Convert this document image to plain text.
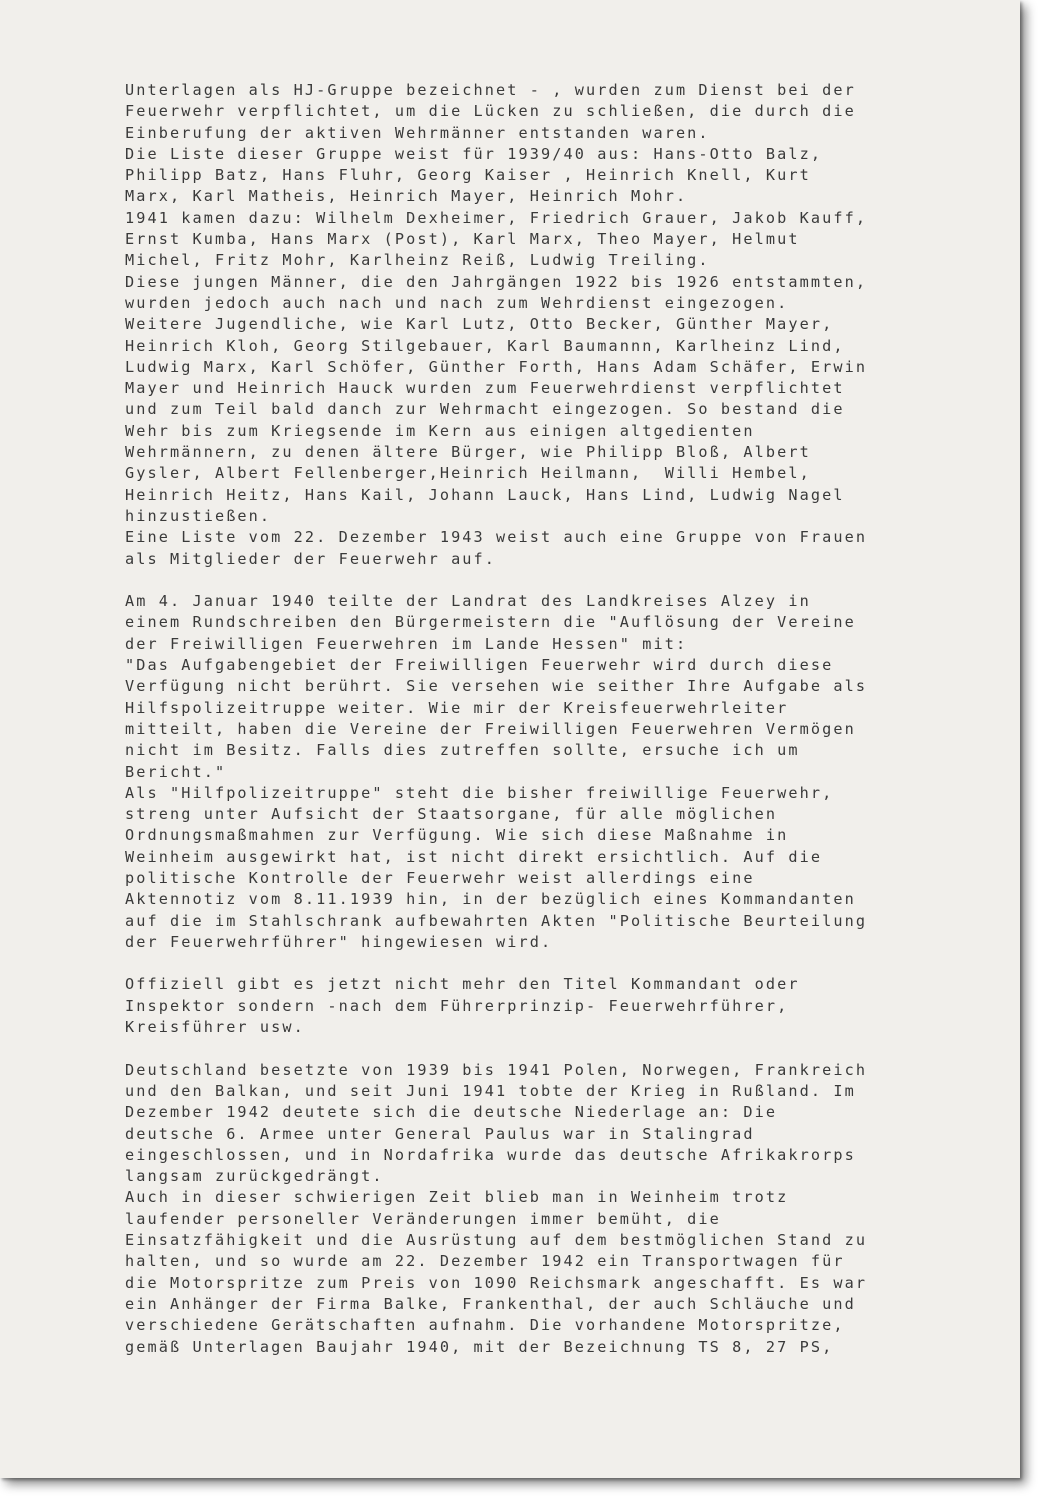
Unterlagen als HJ-Gruppe bezeichnet - , wurden zum Dienst bei der
Feuerwehr verpflichtet, um die Lücken zu schließen, die durch die
Einberufung der aktiven Wehrmänner entstanden waren.
Die Liste dieser Gruppe weist für 1939/40 aus: Hans-Otto Balz,
Philipp Batz, Hans Fluhr, Georg Kaiser , Heinrich Knell, Kurt
Marx, Karl Matheis, Heinrich Mayer, Heinrich Mohr.
1941 kamen dazu: Wilhelm Dexheimer, Friedrich Grauer, Jakob Kauff,
Ernst Kumba, Hans Marx (Post), Karl Marx, Theo Mayer, Helmut
Michel, Fritz Mohr, Karlheinz Reiß, Ludwig Treiling.
Diese jungen Männer, die den Jahrgängen 1922 bis 1926 entstammten,
wurden jedoch auch nach und nach zum Wehrdienst eingezogen.
Weitere Jugendliche, wie Karl Lutz, Otto Becker, Günther Mayer,
Heinrich Kloh, Georg Stilgebauer, Karl Baumannn, Karlheinz Lind,
Ludwig Marx, Karl Schöfer, Günther Forth, Hans Adam Schäfer, Erwin
Mayer und Heinrich Hauck wurden zum Feuerwehrdienst verpflichtet
und zum Teil bald danch zur Wehrmacht eingezogen. So bestand die
Wehr bis zum Kriegsende im Kern aus einigen altgedienten
Wehrmännern, zu denen ältere Bürger, wie Philipp Bloß, Albert
Gysler, Albert Fellenberger,Heinrich Heilmann,  Willi Hembel,
Heinrich Heitz, Hans Kail, Johann Lauck, Hans Lind, Ludwig Nagel
hinzustießen.
Eine Liste vom 22. Dezember 1943 weist auch eine Gruppe von Frauen
als Mitglieder der Feuerwehr auf.
Am 4. Januar 1940 teilte der Landrat des Landkreises Alzey in
einem Rundschreiben den Bürgermeistern die "Auflösung der Vereine
der Freiwilligen Feuerwehren im Lande Hessen" mit:
"Das Aufgabengebiet der Freiwilligen Feuerwehr wird durch diese
Verfügung nicht berührt. Sie versehen wie seither Ihre Aufgabe als
Hilfspolizeitruppe weiter. Wie mir der Kreisfeuerwehrleiter
mitteilt, haben die Vereine der Freiwilligen Feuerwehren Vermögen
nicht im Besitz. Falls dies zutreffen sollte, ersuche ich um
Bericht."
Als "Hilfpolizeitruppe" steht die bisher freiwillige Feuerwehr,
streng unter Aufsicht der Staatsorgane, für alle möglichen
Ordnungsmaßmahmen zur Verfügung. Wie sich diese Maßnahme in
Weinheim ausgewirkt hat, ist nicht direkt ersichtlich. Auf die
politische Kontrolle der Feuerwehr weist allerdings eine
Aktennotiz vom 8.11.1939 hin, in der bezüglich eines Kommandanten
auf die im Stahlschrank aufbewahrten Akten "Politische Beurteilung
der Feuerwehrführer" hingewiesen wird.
Offiziell gibt es jetzt nicht mehr den Titel Kommandant oder
Inspektor sondern -nach dem Führerprinzip- Feuerwehrführer,
Kreisführer usw.
Deutschland besetzte von 1939 bis 1941 Polen, Norwegen, Frankreich
und den Balkan, und seit Juni 1941 tobte der Krieg in Rußland. Im
Dezember 1942 deutete sich die deutsche Niederlage an: Die
deutsche 6. Armee unter General Paulus war in Stalingrad
eingeschlossen, und in Nordafrika wurde das deutsche Afrikakrorps
langsam zurückgedrängt.
Auch in dieser schwierigen Zeit blieb man in Weinheim trotz
laufender personeller Veränderungen immer bemüht, die
Einsatzfähigkeit und die Ausrüstung auf dem bestmöglichen Stand zu
halten, und so wurde am 22. Dezember 1942 ein Transportwagen für
die Motorspritze zum Preis von 1090 Reichsmark angeschafft. Es war
ein Anhänger der Firma Balke, Frankenthal, der auch Schläuche und
verschiedene Gerätschaften aufnahm. Die vorhandene Motorspritze,
gemäß Unterlagen Baujahr 1940, mit der Bezeichnung TS 8, 27 PS,
